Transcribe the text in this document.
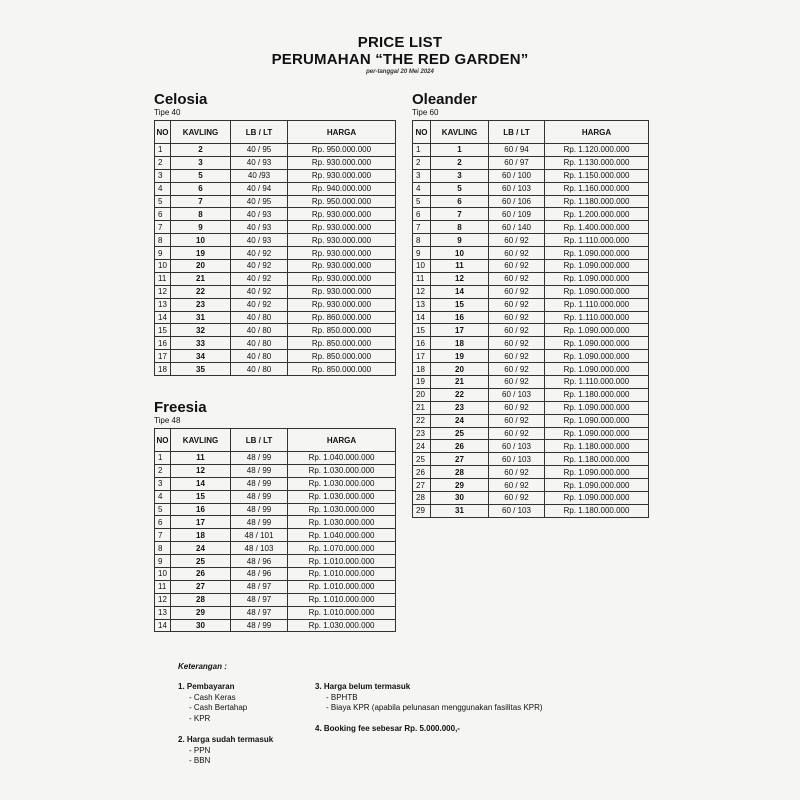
PRICE LIST
PERUMAHAN “THE RED GARDEN”
per-tanggal 20 Mei 2024
Celosia
Tipe 40
NO	KAVLING	LB / LT	HARGA
1	2	40 / 95	Rp. 950.000.000
2	3	40 / 93	Rp. 930.000.000
3	5	40 /93	Rp. 930.000.000
4	6	40 / 94	Rp. 940.000.000
5	7	40 / 95	Rp. 950.000.000
6	8	40 / 93	Rp. 930.000.000
7	9	40 / 93	Rp. 930.000.000
8	10	40 / 93	Rp. 930.000.000
9	19	40 / 92	Rp. 930.000.000
10	20	40 / 92	Rp. 930.000.000
11	21	40 / 92	Rp. 930.000.000
12	22	40 / 92	Rp. 930.000.000
13	23	40 / 92	Rp. 930.000.000
14	31	40 / 80	Rp. 860.000.000
15	32	40 / 80	Rp. 850.000.000
16	33	40 / 80	Rp. 850.000.000
17	34	40 / 80	Rp. 850.000.000
18	35	40 / 80	Rp. 850.000.000
Oleander
Tipe 60
NO	KAVLING	LB / LT	HARGA
1	1	60 / 94	Rp. 1.120.000.000
2	2	60 / 97	Rp. 1.130.000.000
3	3	60 / 100	Rp. 1.150.000.000
4	5	60 / 103	Rp. 1.160.000.000
5	6	60 / 106	Rp. 1.180.000.000
6	7	60 / 109	Rp. 1.200.000.000
7	8	60 / 140	Rp. 1.400.000.000
8	9	60 / 92	Rp. 1.110.000.000
9	10	60 / 92	Rp. 1.090.000.000
10	11	60 / 92	Rp. 1.090.000.000
11	12	60 / 92	Rp. 1.090.000.000
12	14	60 / 92	Rp. 1.090.000.000
13	15	60 / 92	Rp. 1.110.000.000
14	16	60 / 92	Rp. 1.110.000.000
15	17	60 / 92	Rp. 1.090.000.000
16	18	60 / 92	Rp. 1.090.000.000
17	19	60 / 92	Rp. 1.090.000.000
18	20	60 / 92	Rp. 1.090.000.000
19	21	60 / 92	Rp. 1.110.000.000
20	22	60 / 103	Rp. 1.180.000.000
21	23	60 / 92	Rp. 1.090.000.000
22	24	60 / 92	Rp. 1.090.000.000
23	25	60 / 92	Rp. 1.090.000.000
24	26	60 / 103	Rp. 1.180.000.000
25	27	60 / 103	Rp. 1.180.000.000
26	28	60 / 92	Rp. 1.090.000.000
27	29	60 / 92	Rp. 1.090.000.000
28	30	60 / 92	Rp. 1.090.000.000
29	31	60 / 103	Rp. 1.180.000.000
Freesia
Tipe 48
NO	KAVLING	LB / LT	HARGA
1	11	48 / 99	Rp. 1.040.000.000
2	12	48 / 99	Rp. 1.030.000.000
3	14	48 / 99	Rp. 1.030.000.000
4	15	48 / 99	Rp. 1.030.000.000
5	16	48 / 99	Rp. 1.030.000.000
6	17	48 / 99	Rp. 1.030.000.000
7	18	48 / 101	Rp. 1.040.000.000
8	24	48 / 103	Rp. 1.070.000.000
9	25	48 / 96	Rp. 1.010.000.000
10	26	48 / 96	Rp. 1.010.000.000
11	27	48 / 97	Rp. 1.010.000.000
12	28	48 / 97	Rp. 1.010.000.000
13	29	48 / 97	Rp. 1.010.000.000
14	30	48 / 99	Rp. 1.030.000.000
Keterangan :
1. Pembayaran
- Cash Keras
- Cash Bertahap
- KPR
2. Harga sudah termasuk
- PPN
- BBN
3. Harga belum termasuk
- BPHTB
- Biaya KPR (apabila pelunasan menggunakan fasilitas KPR)
4. Booking fee sebesar Rp. 5.000.000,-
